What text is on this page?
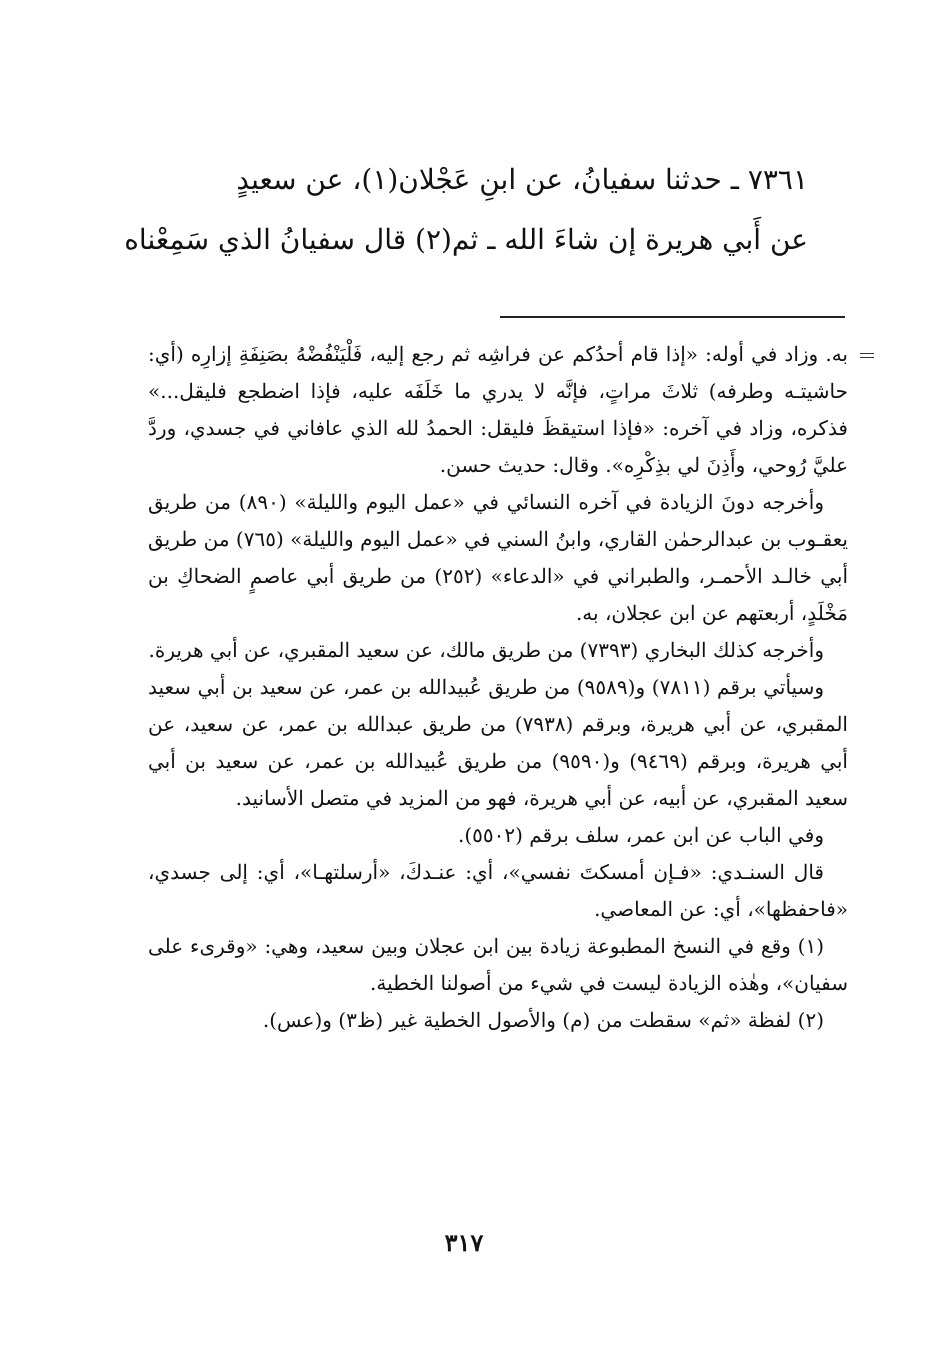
٧٣٦١ ـ حدثنا سفيانُ، عن ابنِ عَجْلان(١)، عن سعيدٍ
عن أَبي هريرة إن شاءَ الله ـ ثم(٢) قال سفيانُ الذي سَمِعْناه

به. وزاد في أوله: «إذا قام أحدُكم عن فراشِه ثم رجع إليه، فَلْيَنْفُضْهُ بصَنِفَةِ إزارِه (أي: حاشيتـه وطرفه) ثلاثَ مراتٍ، فإنَّه لا يدري ما خَلَفَه عليه، فإذا اضطجع فليقل...» فذكره، وزاد في آخره: «فإذا استيقظَ فليقل: الحمدُ لله الذي عافاني في جسدي، وردَّ عليَّ رُوحي، وأَذِنَ لي بذِكْرِه». وقال: حديث حسن.

وأخرجه دونَ الزيادة في آخره النسائي في «عمل اليوم والليلة» (٨٩٠) من طريق يعقـوب بن عبدالرحمٰن القاري، وابنُ السني في «عمل اليوم والليلة» (٧٦٥) من طريق أبي خالـد الأحمـر، والطبراني في «الدعاء» (٢٥٢) من طريق أبي عاصمٍ الضحاكِ بن مَخْلَدٍ، أربعتهم عن ابن عجلان، به.

وأخرجه كذلك البخاري (٧٣٩٣) من طريق مالك، عن سعيد المقبري، عن أبي هريرة.

وسيأتي برقم (٧٨١١) و(٩٥٨٩) من طريق عُبيدالله بن عمر، عن سعيد بن أبي سعيد المقبري، عن أبي هريرة، وبرقم (٧٩٣٨) من طريق عبدالله بن عمر، عن سعيد، عن أبي هريرة، وبرقم (٩٤٦٩) و(٩٥٩٠) من طريق عُبيدالله بن عمر، عن سعيد بن أبي سعيد المقبري، عن أبيه، عن أبي هريرة، فهو من المزيد في متصل الأسانيد.

وفي الباب عن ابن عمر، سلف برقم (٥٥٠٢).

قال السنـدي: «فـإن أمسكتَ نفسي»، أي: عنـدكَ، «أرسلتهـا»، أي: إلى جسدي، «فاحفظها»، أي: عن المعاصي.

(١) وقع في النسخ المطبوعة زيادة بين ابن عجلان وبين سعيد، وهي: «وقرىء على سفيان»، وهٰذه الزيادة ليست في شيء من أصولنا الخطية.

(٢) لفظة «ثم» سقطت من (م) والأصول الخطية غير (ظ٣) و(عس).

٣١٧
